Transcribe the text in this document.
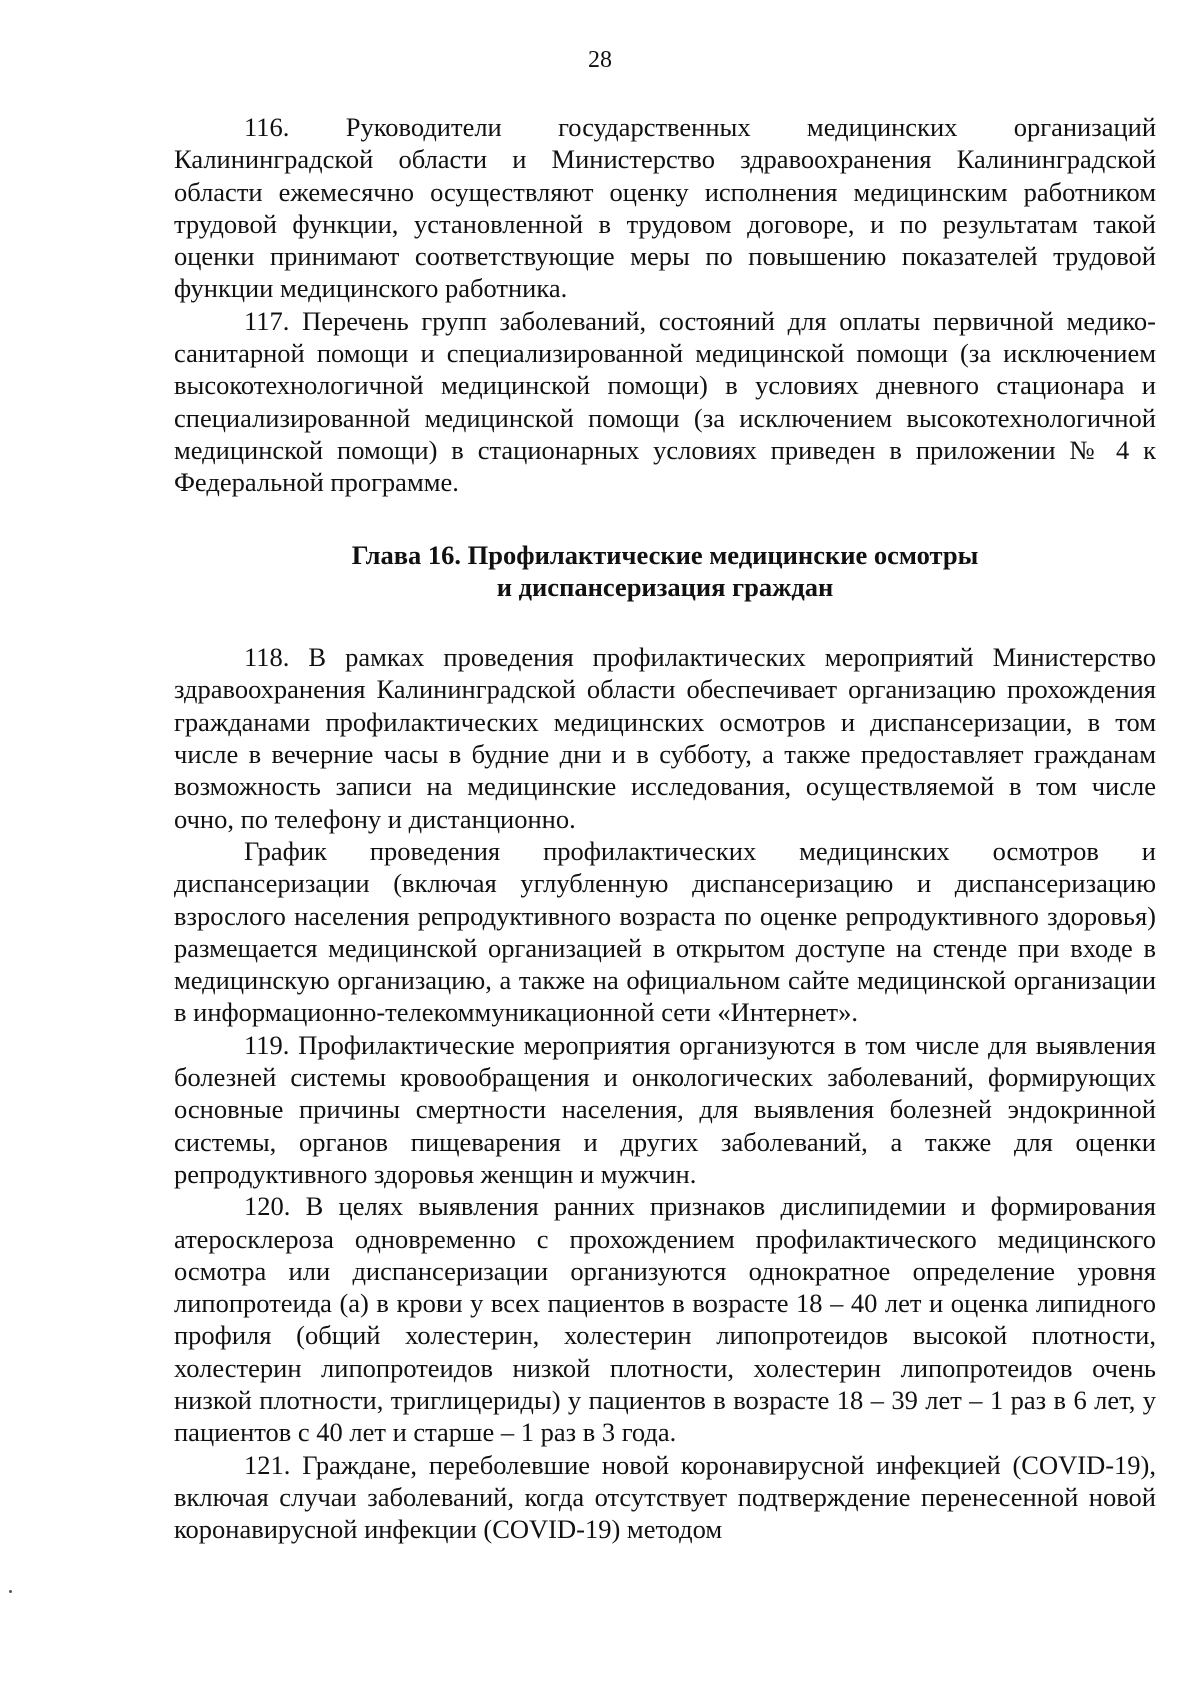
28

116. Руководители государственных медицинских организаций Калининградской области и Министерство здравоохранения Калининградской области ежемесячно осуществляют оценку исполнения медицинским работником трудовой функции, установленной в трудовом договоре, и по результатам такой оценки принимают соответствующие меры по повышению показателей трудовой функции медицинского работника.

117. Перечень групп заболеваний, состояний для оплаты первичной медико-санитарной помощи и специализированной медицинской помощи (за исключением высокотехнологичной медицинской помощи) в условиях дневного стационара и специализированной медицинской помощи (за исключением высокотехнологичной медицинской помощи) в стационарных условиях приведен в приложении № 4 к Федеральной программе.

Глава 16. Профилактические медицинские осмотры
и диспансеризация граждан

118. В рамках проведения профилактических мероприятий Министерство здравоохранения Калининградской области обеспечивает организацию прохождения гражданами профилактических медицинских осмотров и диспансеризации, в том числе в вечерние часы в будние дни и в субботу, а также предоставляет гражданам возможность записи на медицинские исследования, осуществляемой в том числе очно, по телефону и дистанционно.

График проведения профилактических медицинских осмотров и диспансеризации (включая углубленную диспансеризацию и диспансеризацию взрослого населения репродуктивного возраста по оценке репродуктивного здоровья) размещается медицинской организацией в открытом доступе на стенде при входе в медицинскую организацию, а также на официальном сайте медицинской организации в информационно-телекоммуникационной сети «Интернет».

119. Профилактические мероприятия организуются в том числе для выявления болезней системы кровообращения и онкологических заболеваний, формирующих основные причины смертности населения, для выявления болезней эндокринной системы, органов пищеварения и других заболеваний, а также для оценки репродуктивного здоровья женщин и мужчин.

120. В целях выявления ранних признаков дислипидемии и формирования атеросклероза одновременно с прохождением профилактического медицинского осмотра или диспансеризации организуются однократное определение уровня липопротеида (а) в крови у всех пациентов в возрасте 18 – 40 лет и оценка липидного профиля (общий холестерин, холестерин липопротеидов высокой плотности, холестерин липопротеидов низкой плотности, холестерин липопротеидов очень низкой плотности, триглицериды) у пациентов в возрасте 18 – 39 лет – 1 раз в 6 лет, у пациентов с 40 лет и старше – 1 раз в 3 года.

121. Граждане, переболевшие новой коронавирусной инфекцией (COVID-19), включая случаи заболеваний, когда отсутствует подтверждение перенесенной новой коронавирусной инфекции (COVID-19) методом
